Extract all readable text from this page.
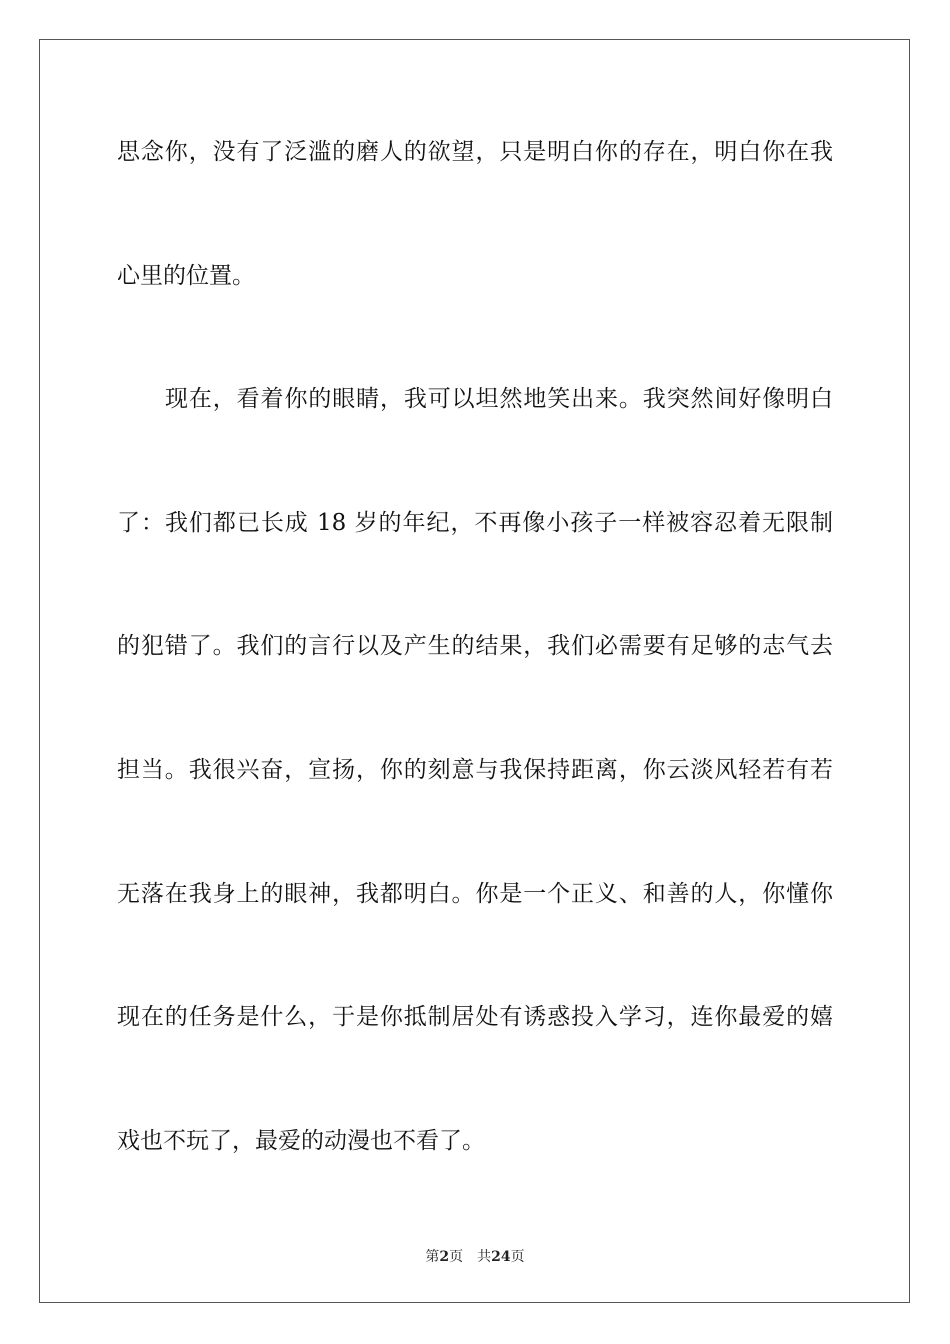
思念你，没有了泛滥的磨人的欲望，只是明白你的存在，明白你在我
心里的位置。
现在，看着你的眼睛，我可以坦然地笑出来。我突然间好像明白
了：我们都已长成 18 岁的年纪，不再像小孩子一样被容忍着无限制
的犯错了。我们的言行以及产生的结果，我们必需要有足够的志气去
担当。我很兴奋，宣扬，你的刻意与我保持距离，你云淡风轻若有若
无落在我身上的眼神，我都明白。你是一个正义、和善的人，你懂你
现在的任务是什么，于是你抵制居处有诱惑投入学习，连你最爱的嬉
戏也不玩了，最爱的动漫也不看了。
第2页 共24页
